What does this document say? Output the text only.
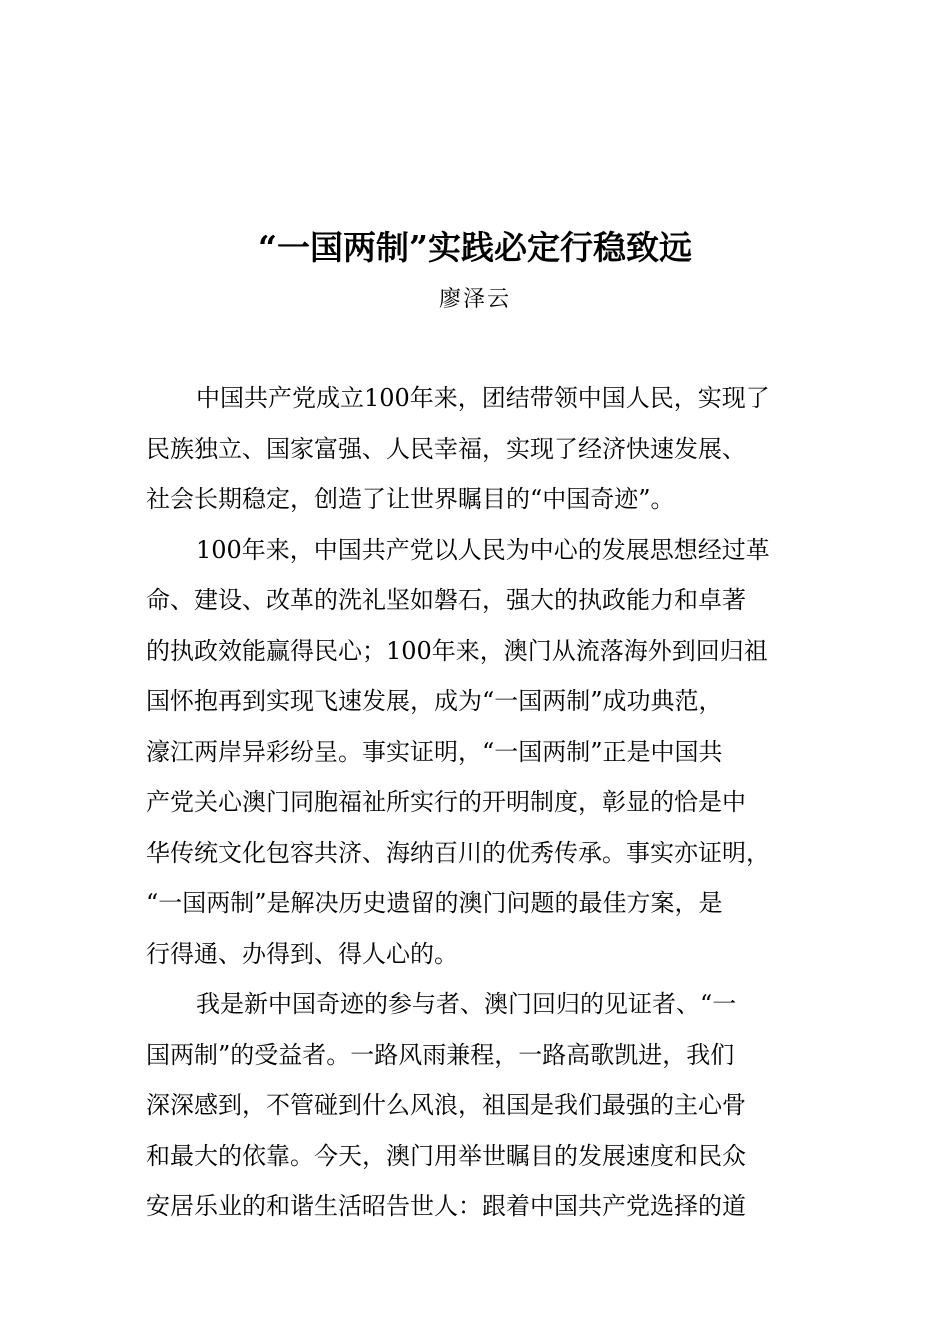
“一国两制”实践必定行稳致远
廖泽云
中国共产党成立100年来，团结带领中国人民，实现了
民族独立、国家富强、人民幸福，实现了经济快速发展、
社会长期稳定，创造了让世界瞩目的“中国奇迹”。
100年来，中国共产党以人民为中心的发展思想经过革
命、建设、改革的洗礼坚如磐石，强大的执政能力和卓著
的执政效能赢得民心；100年来，澳门从流落海外到回归祖
国怀抱再到实现飞速发展，成为“一国两制”成功典范，
濠江两岸异彩纷呈。事实证明，“一国两制”正是中国共
产党关心澳门同胞福祉所实行的开明制度，彰显的恰是中
华传统文化包容共济、海纳百川的优秀传承。事实亦证明，
“一国两制”是解决历史遗留的澳门问题的最佳方案，是
行得通、办得到、得人心的。
我是新中国奇迹的参与者、澳门回归的见证者、“一
国两制”的受益者。一路风雨兼程，一路高歌凯进，我们
深深感到，不管碰到什么风浪，祖国是我们最强的主心骨
和最大的依靠。今天，澳门用举世瞩目的发展速度和民众
安居乐业的和谐生活昭告世人：跟着中国共产党选择的道
